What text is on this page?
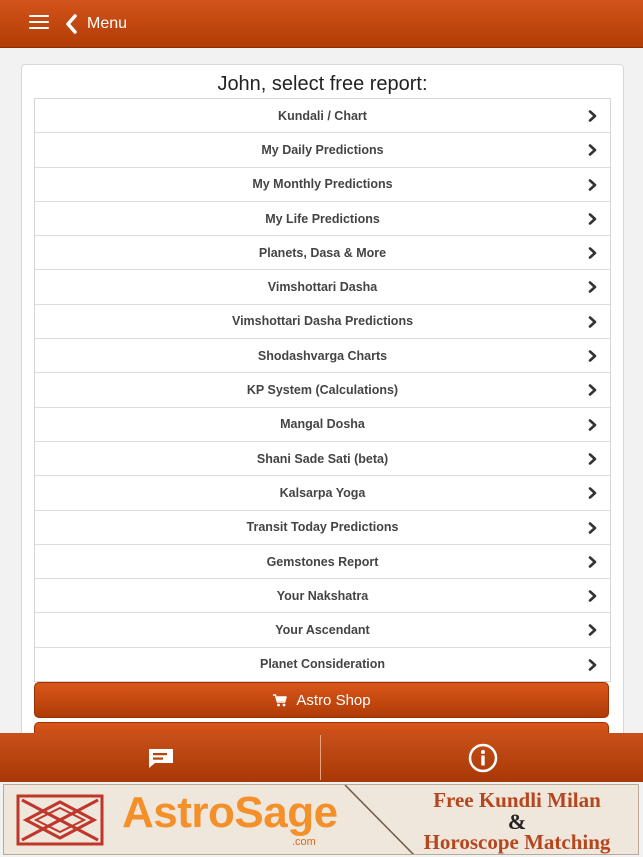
Menu
John, select free report:
Kundali / Chart
My Daily Predictions
My Monthly Predictions
My Life Predictions
Planets, Dasa & More
Vimshottari Dasha
Vimshottari Dasha Predictions
Shodashvarga Charts
KP System (Calculations)
Mangal Dosha
Shani Sade Sati (beta)
Kalsarpa Yoga
Transit Today Predictions
Gemstones Report
Your Nakshatra
Your Ascendant
Planet Consideration
Astro Shop
AstroSage
.com
Free Kundli Milan
&
Horoscope Matching
